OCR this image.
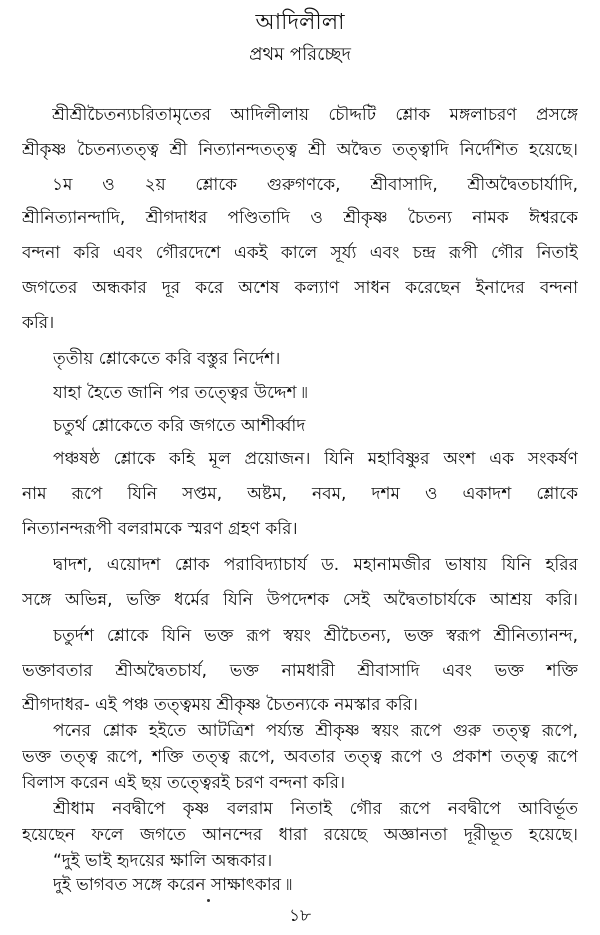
আদিলীলা
প্রথম পরিচ্ছেদ
শ্রীশ্রীচৈতন্যচরিতামৃতের আদিলীলায় চৌদ্দটি শ্লোক মঙ্গলাচরণ প্রসঙ্গে
শ্রীকৃষ্ণ চৈতন্যতত্ত্ব শ্রী নিত্যানন্দতত্ত্ব শ্রী অদ্বৈত তত্ত্বাদি নির্দেশিত হয়েছে।
১ম ও ২য় শ্লোকে গুরুগণকে, শ্রীবাসাদি, শ্রীঅদ্বৈতচার্যাদি,
শ্রীনিত্যানন্দাদি, শ্রীগদাধর পণ্ডিতাদি ও শ্রীকৃষ্ণ চৈতন্য নামক ঈশ্বরকে
বন্দনা করি এবং গৌরদেশে একই কালে সূর্য্য এবং চন্দ্র রূপী গৌর নিতাই
জগতের অন্ধকার দূর করে অশেষ কল্যাণ সাধন করেছেন ইনাদের বন্দনা
করি।
তৃতীয় শ্লোকেতে করি বস্তুর নির্দেশ।
যাহা হৈতে জানি পর তত্ত্বের উদ্দেশ ৷৷
চতুর্থ শ্লোকেতে করি জগতে আশীর্ব্বাদ
পঞ্চষষ্ঠ শ্লোকে কহি মূল প্রয়োজন। যিনি মহাবিষ্ণুর অংশ এক সংকর্ষণ
নাম রূপে যিনি সপ্তম, অষ্টম, নবম, দশম ও একাদশ শ্লোকে
নিত্যানন্দরূপী বলরামকে স্মরণ গ্রহণ করি।
দ্বাদশ, এয়োদশ শ্লোক পরাবিদ্যাচার্য ড. মহানামজীর ভাষায় যিনি হরির
সঙ্গে অভিন্ন, ভক্তি ধর্মের যিনি উপদেশক সেই অদ্বৈতাচার্যকে আশ্রয় করি।
চতুর্দশ শ্লোকে যিনি ভক্ত রূপ স্বয়ং শ্রীচৈতন্য, ভক্ত স্বরূপ শ্রীনিত্যানন্দ,
ভক্তাবতার শ্রীঅদ্বৈতচার্য, ভক্ত নামধারী শ্রীবাসাদি এবং ভক্ত শক্তি
শ্রীগদাধর- এই পঞ্চ তত্ত্বময় শ্রীকৃষ্ণ চৈতন্যকে নমস্কার করি।
পনের শ্লোক হইতে আটত্রিশ পর্য্যন্ত শ্রীকৃষ্ণ স্বয়ং রূপে গুরু তত্ত্ব রূপে,
ভক্ত তত্ত্ব রূপে, শক্তি তত্ত্ব রূপে, অবতার তত্ত্ব রূপে ও প্রকাশ তত্ত্ব রূপে
বিলাস করেন এই ছয় তত্ত্বেরই চরণ বন্দনা করি।
১৮
শ্রীধাম নবদ্বীপে কৃষ্ণ বলরাম নিতাই গৌর রূপে নবদ্বীপে আবির্ভূত
হয়েছেন ফলে জগতে আনন্দের ধারা রয়েছে অজ্ঞানতা দূরীভূত হয়েছে।
“দুই ভাই হৃদয়ের ক্ষালি অন্ধকার।
দুই ভাগবত সঙ্গে করেন সাক্ষাৎকার ৷৷
